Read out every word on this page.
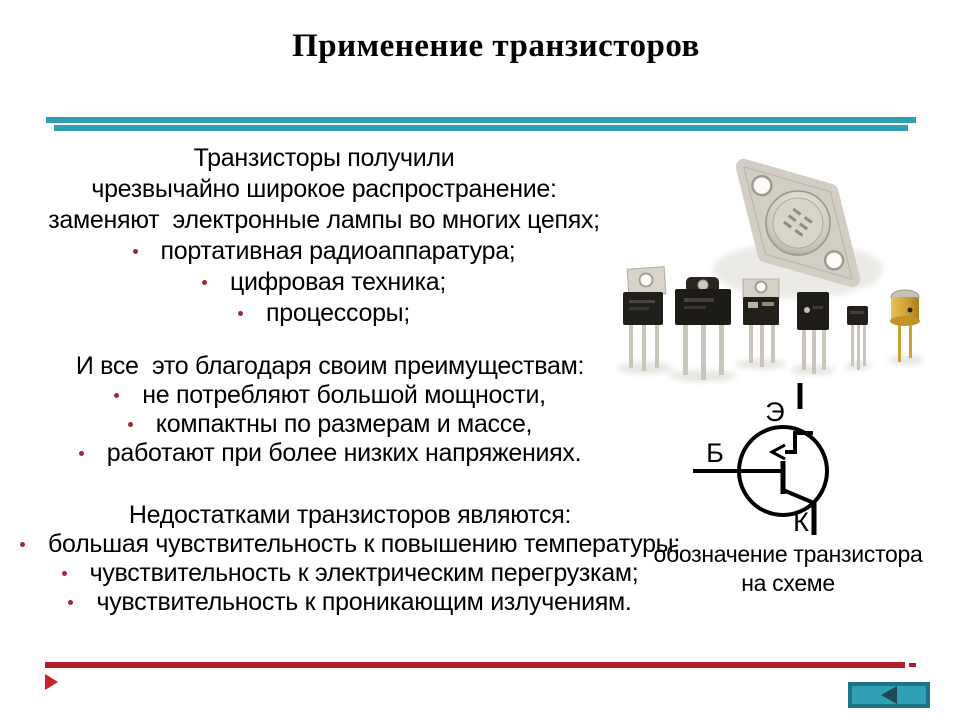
Применение транзисторов
Транзисторы получили
чрезвычайно широкое распространение:
заменяют  электронные лампы во многих цепях;
портативная радиоаппаратура;
цифровая техника;
процессоры;
И все  это благодаря своим преимуществам:
не потребляют большой мощности,
компактны по размерам и массе,
работают при более низких напряжениях.
Недостатками транзисторов являются:
большая чувствительность к повышению температуры;
чувствительность к электрическим перегрузкам;
чувствительность к проникающим излучениям.
Э
Б
К
обозначение транзистора
на схеме
